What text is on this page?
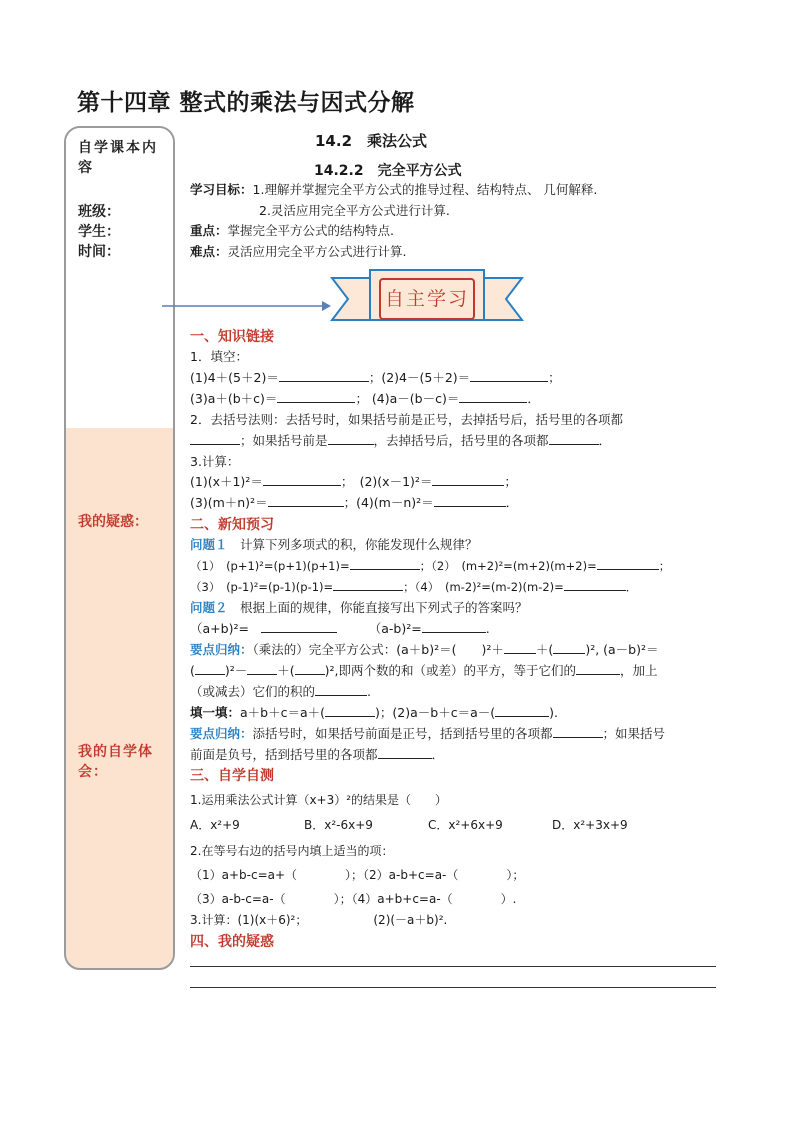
第十四章 整式的乘法与因式分解
自学课本内容
班级：
学生：
时间：
我的疑惑：
我的自学体会：
自主学习
14.2　乘法公式
14.2.2　完全平方公式
学习目标：1.理解并掌握完全平方公式的推导过程、结构特点、 几何解释.
2.灵活应用完全平方公式进行计算.
重点：掌握完全平方公式的结构特点.
难点：灵活应用完全平方公式进行计算.
一、知识链接
1．填空：
(1)4＋(5＋2)＝	；(2)4－(5＋2)＝	；
(3)a＋(b＋c)＝	； (4)a－(b－c)＝	．
2．去括号法则：去括号时，如果括号前是正号，去掉括号后，括号里的各项都
；如果括号前是	，去掉括号后，括号里的各项都	．
3.计算：
(1)(x＋1)²＝	；　(2)(x－1)²＝	；
(3)(m＋n)²＝	；(4)(m－n)²＝	．
二、新知预习
问题１　 计算下列多项式的积，你能发现什么规律？
（1）　(p+1)²=(p+1)(p+1)=	；（2）　(m+2)²=(m+2)(m+2)=	；
（3）　(p-1)²=(p-1)(p-1)=	；（4）　(m-2)²=(m-2)(m-2)=	．
问题２　 根据上面的规律，你能直接写出下列式子的答案吗？
（a+b)²=　　　　	（a-b)²=	.
要点归纳：（乘法的）完全平方公式：(a＋b)²＝(　　 )²＋	＋(	)², (a－b)²＝
( )²－ ＋( )²,即两个数的和（或差）的平方，等于它们的	，加上
（或减去）它们的积的	.
填一填：a＋b＋c＝a＋(	)；(2)a－b＋c＝a－(	).
要点归纳：添括号时，如果括号前面是正号，括到括号里的各项都	；如果括号
前面是负号，括到括号里的各项都	．
三、自学自测
1.运用乘法公式计算（x+3）²的结果是（　　）
A．x²+9	B．x²-6x+9	C．x²+6x+9	D．x²+3x+9
2.在等号右边的括号内填上适当的项：
（1）a+b-c=a+（　　　　）；（2）a-b+c=a-（　　　　）；
（3）a-b-c=a-（　　　　）；（4）a+b+c=a-（　　　　）.
3.计算：(1)(x＋6)²；　　　　　　	(2)(－a＋b)².
四、我的疑惑
